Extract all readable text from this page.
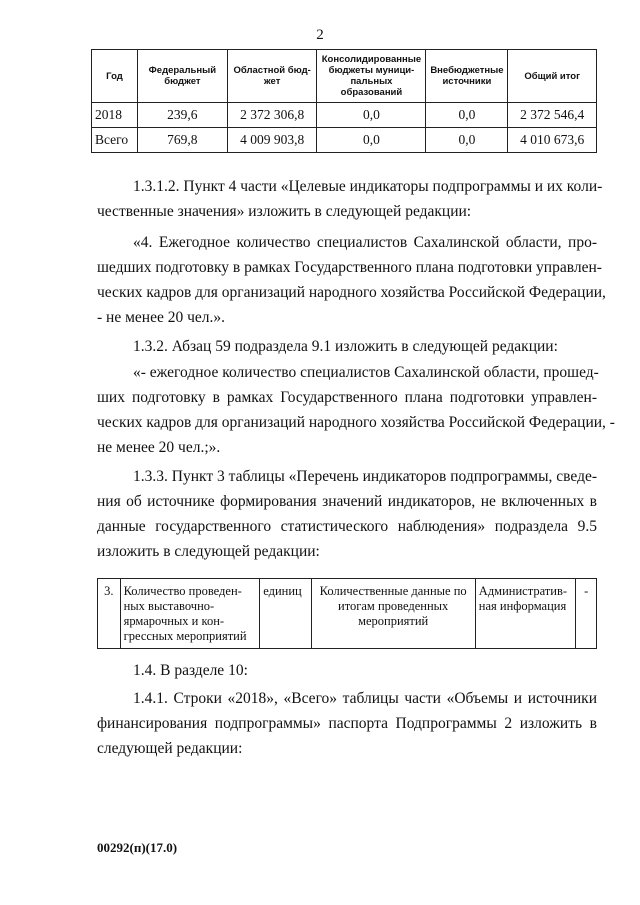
2
Год	Федеральный бюджет	Областной бюд- жет	Консолидированные бюджеты муници- пальных образований	Внебюджетные источники	Общий итог
2018	239,6	2 372 306,8	0,0	0,0	2 372 546,4
Всего	769,8	4 009 903,8	0,0	0,0	4 010 673,6
1.3.1.2. Пункт 4 части «Целевые индикаторы подпрограммы и их коли-
чественные значения» изложить в следующей редакции:
«4. Ежегодное количество специалистов Сахалинской области, про-
шедших подготовку в рамках Государственного плана подготовки управлен-
ческих кадров для организаций народного хозяйства Российской Федерации,
- не менее 20 чел.».
1.3.2. Абзац 59 подраздела 9.1 изложить в следующей редакции:
«- ежегодное количество специалистов Сахалинской области, прошед-
ших подготовку в рамках Государственного плана подготовки управлен-
ческих кадров для организаций народного хозяйства Российской Федерации, -
не менее 20 чел.;».
1.3.3. Пункт 3 таблицы «Перечень индикаторов подпрограммы, сведе-
ния об источнике формирования значений индикаторов, не включенных в
данные государственного статистического наблюдения» подраздела 9.5
изложить в следующей редакции:
3.	Количество проведен- ных выставочно- ярмарочных и кон- грессных мероприятий	единиц	Количественные данные по итогам проведенных мероприятий	Административ- ная информация	-
1.4. В разделе 10:
1.4.1. Строки «2018», «Всего» таблицы части «Объемы и источники
финансирования подпрограммы» паспорта Подпрограммы 2 изложить в
следующей редакции:
00292(п)(17.0)
